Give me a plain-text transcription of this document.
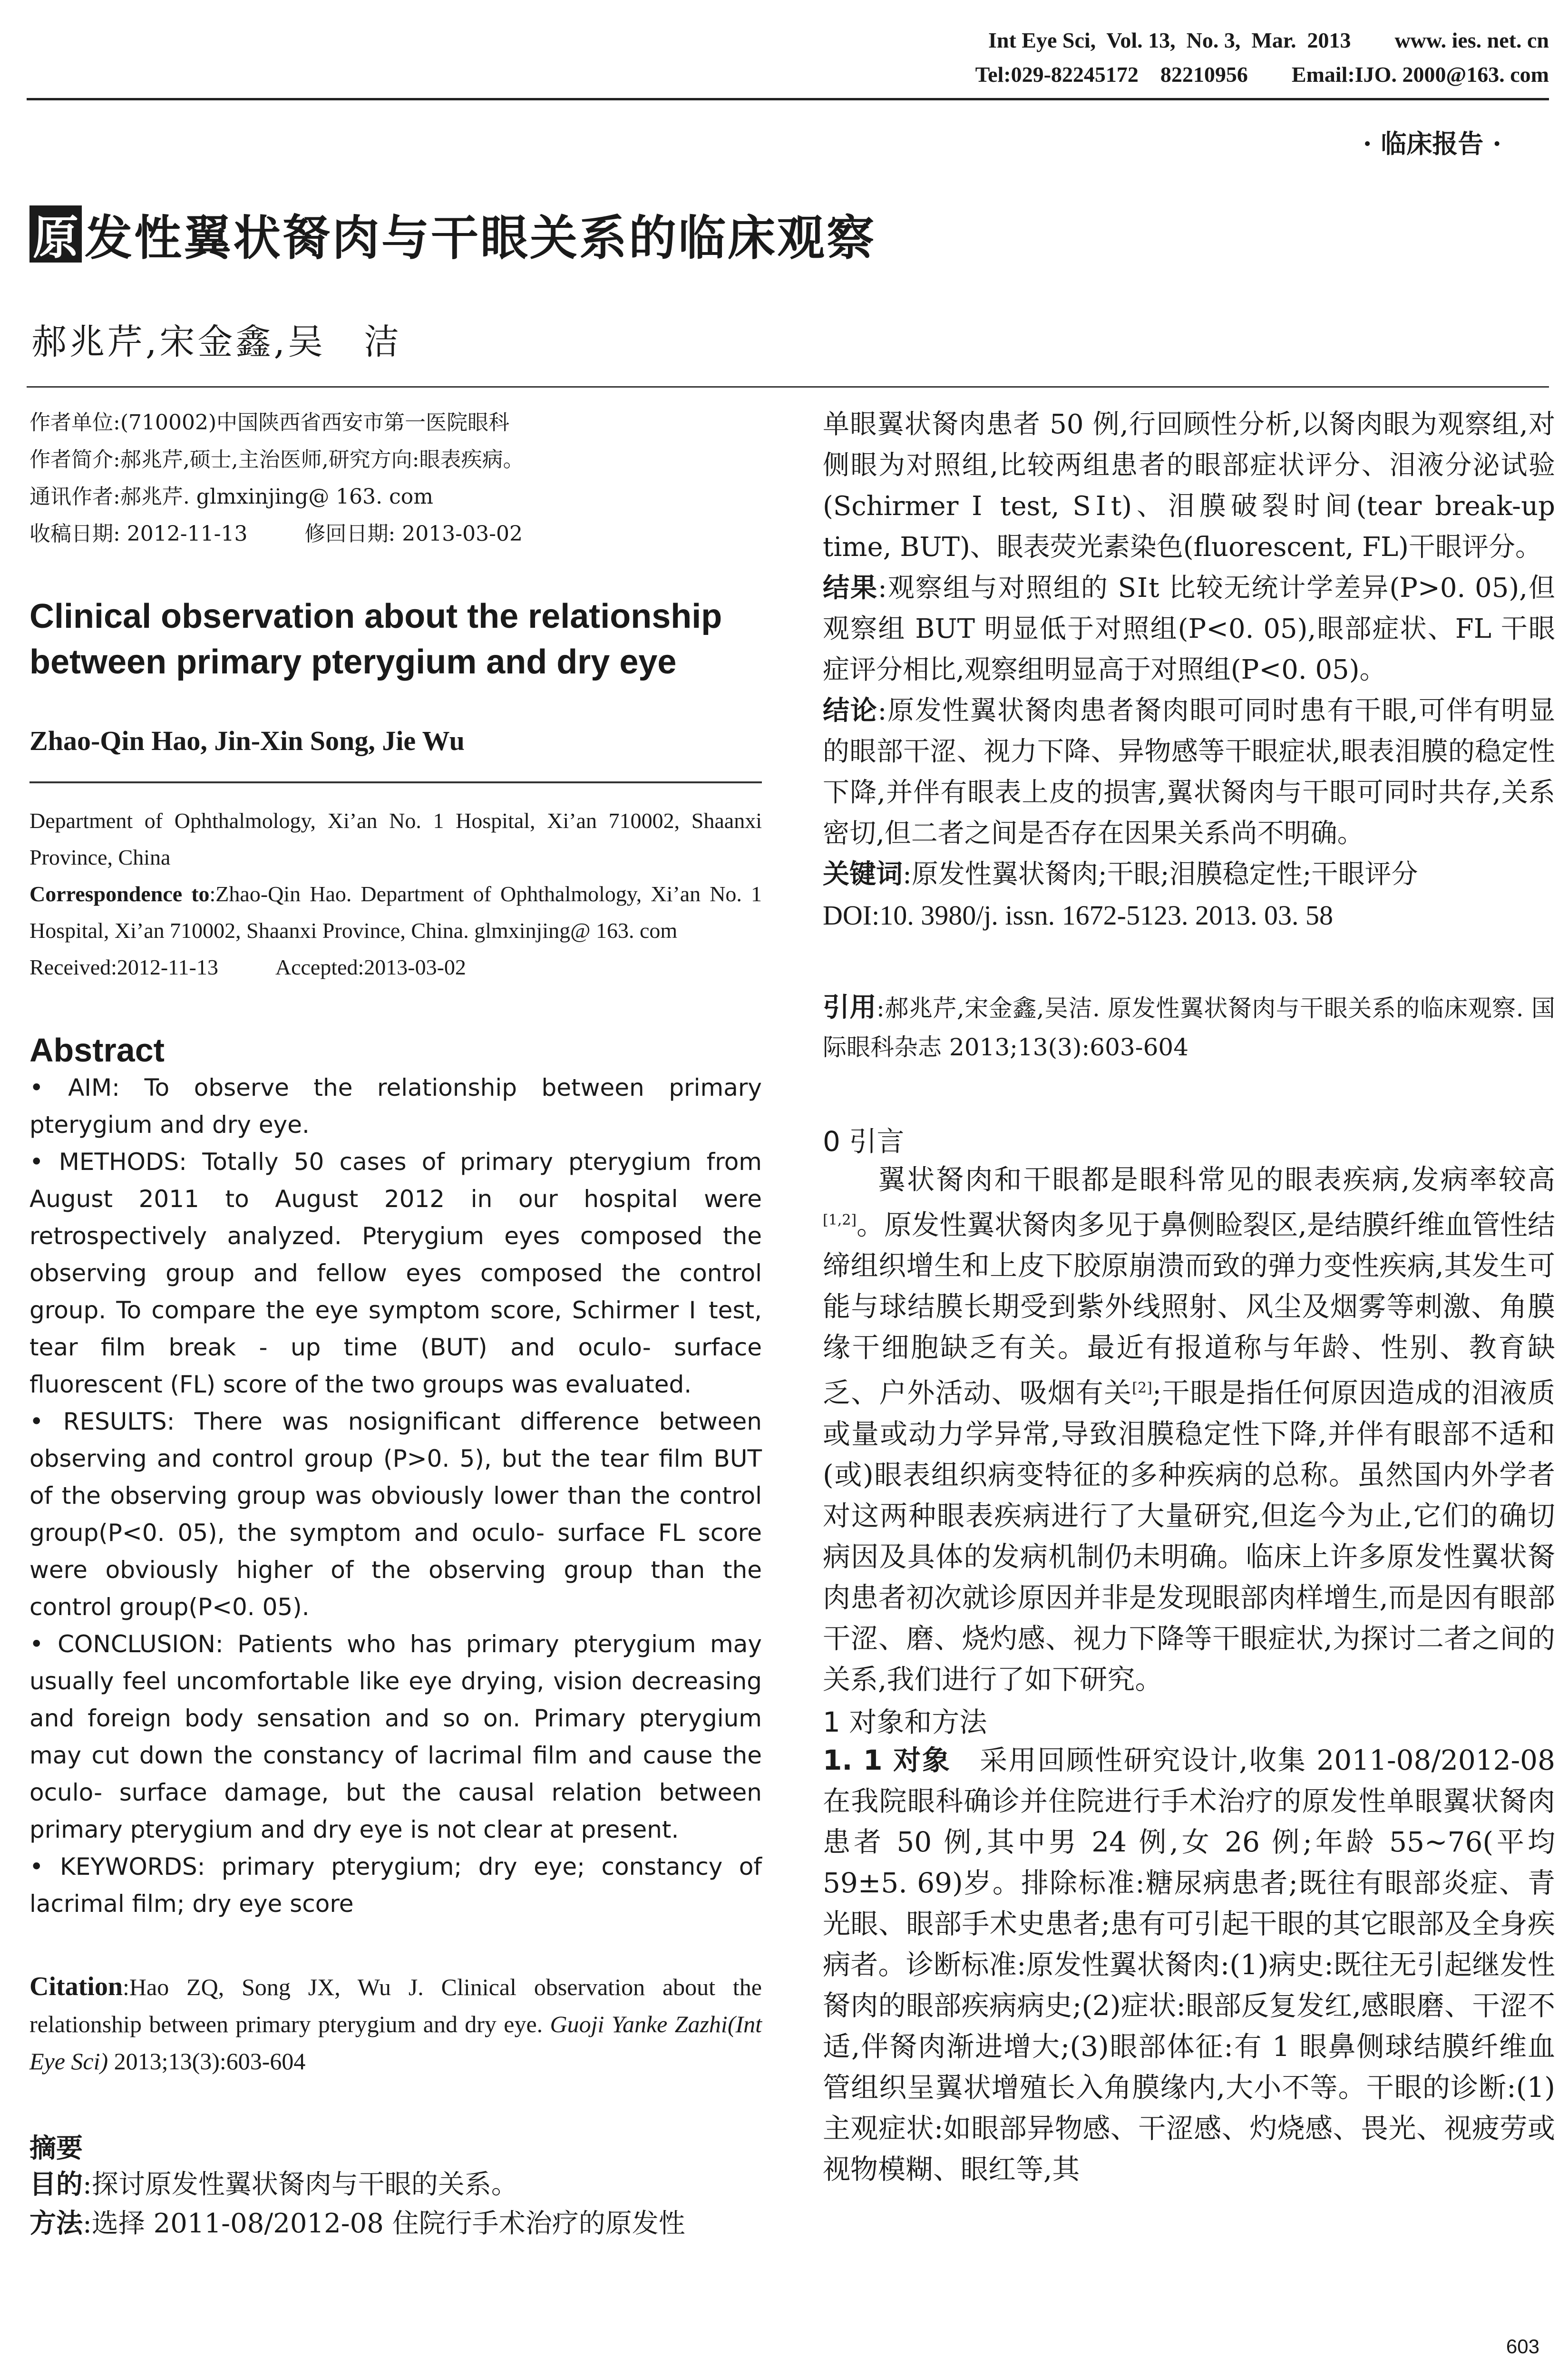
Int Eye Sci,  Vol. 13,  No. 3,  Mar.  2013        www. ies. net. cn
Tel:029-82245172    82210956        Email:IJO. 2000@163. com
· 临床报告 ·
原 发性翼状胬肉与干眼关系的临床观察
郝兆芹,宋金鑫,吴　洁
作者单位:(710002)中国陕西省西安市第一医院眼科
作者简介:郝兆芹,硕士,主治医师,研究方向:眼表疾病。
通讯作者:郝兆芹. glmxinjing@ 163. com
收稿日期: 2012-11-13	修回日期: 2013-03-02
Clinical observation about the relationship between primary pterygium and dry eye
Zhao-Qin Hao, Jin-Xin Song, Jie Wu
Department of Ophthalmology, Xi’an No. 1 Hospital, Xi’an 710002, Shaanxi Province, China
Correspondence to:Zhao-Qin Hao. Department of Ophthalmology, Xi’an No. 1 Hospital, Xi’an 710002, Shaanxi Province, China. glmxinjing@ 163. com
Received:2012-11-13	Accepted:2013-03-02
Abstract

• AIM: To observe the relationship between primary pterygium and dry eye.

• METHODS: Totally 50 cases of primary pterygium from August 2011 to August 2012 in our hospital were retrospectively analyzed. Pterygium eyes composed the observing group and fellow eyes composed the control group. To compare the eye symptom score, Schirmer Ⅰ test, tear film break - up time (BUT) and oculo- surface fluorescent (FL) score of the two groups was evaluated.

• RESULTS: There was nosignificant difference between observing and control group (P>0. 5), but the tear film BUT of the observing group was obviously lower than the control group(P<0. 05), the symptom and oculo- surface FL score were obviously higher of the observing group than the control group(P<0. 05).

• CONCLUSION: Patients who has primary pterygium may usually feel uncomfortable like eye drying, vision decreasing and foreign body sensation and so on. Primary pterygium may cut down the constancy of lacrimal film and cause the oculo- surface damage, but the causal relation between primary pterygium and dry eye is not clear at present.

• KEYWORDS: primary pterygium; dry eye; constancy of lacrimal film; dry eye score

Citation:Hao ZQ, Song JX, Wu J. Clinical observation about the relationship between primary pterygium and dry eye. Guoji Yanke Zazhi(Int Eye Sci) 2013;13(3):603-604
摘要

目的:探讨原发性翼状胬肉与干眼的关系。

方法:选择 2011-08/2012-08 住院行手术治疗的原发性

单眼翼状胬肉患者 50 例,行回顾性分析,以胬肉眼为观察组,对侧眼为对照组,比较两组患者的眼部症状评分、泪液分泌试验(Schirmer Ⅰ test, SⅠt)、泪膜破裂时间(tear break-up time, BUT)、眼表荧光素染色(fluorescent, FL)干眼评分。

结果:观察组与对照组的 SⅠt 比较无统计学差异(P>0. 05),但观察组 BUT 明显低于对照组(P<0. 05),眼部症状、FL 干眼症评分相比,观察组明显高于对照组(P<0. 05)。

结论:原发性翼状胬肉患者胬肉眼可同时患有干眼,可伴有明显的眼部干涩、视力下降、异物感等干眼症状,眼表泪膜的稳定性下降,并伴有眼表上皮的损害,翼状胬肉与干眼可同时共存,关系密切,但二者之间是否存在因果关系尚不明确。

关键词:原发性翼状胬肉;干眼;泪膜稳定性;干眼评分

DOI:10. 3980/j. issn. 1672-5123. 2013. 03. 58
引用:郝兆芹,宋金鑫,吴洁. 原发性翼状胬肉与干眼关系的临床观察. 国际眼科杂志 2013;13(3):603-604

0 引言

翼状胬肉和干眼都是眼科常见的眼表疾病,发病率较高[1,2]。原发性翼状胬肉多见于鼻侧睑裂区,是结膜纤维血管性结缔组织增生和上皮下胶原崩溃而致的弹力变性疾病,其发生可能与球结膜长期受到紫外线照射、风尘及烟雾等刺激、角膜缘干细胞缺乏有关。最近有报道称与年龄、性别、教育缺乏、户外活动、吸烟有关[2];干眼是指任何原因造成的泪液质或量或动力学异常,导致泪膜稳定性下降,并伴有眼部不适和(或)眼表组织病变特征的多种疾病的总称。虽然国内外学者对这两种眼表疾病进行了大量研究,但迄今为止,它们的确切病因及具体的发病机制仍未明确。临床上许多原发性翼状胬肉患者初次就诊原因并非是发现眼部肉样增生,而是因有眼部干涩、磨、烧灼感、视力下降等干眼症状,为探讨二者之间的关系,我们进行了如下研究。

1 对象和方法

1. 1 对象　采用回顾性研究设计,收集 2011-08/2012-08 在我院眼科确诊并住院进行手术治疗的原发性单眼翼状胬肉患者 50 例,其中男 24 例,女 26 例;年龄 55~76(平均 59±5. 69)岁。排除标准:糖尿病患者;既往有眼部炎症、青光眼、眼部手术史患者;患有可引起干眼的其它眼部及全身疾病者。诊断标准:原发性翼状胬肉:(1)病史:既往无引起继发性胬肉的眼部疾病病史;(2)症状:眼部反复发红,感眼磨、干涩不适,伴胬肉渐进增大;(3)眼部体征:有 1 眼鼻侧球结膜纤维血管组织呈翼状增殖长入角膜缘内,大小不等。干眼的诊断:(1)主观症状:如眼部异物感、干涩感、灼烧感、畏光、视疲劳或视物模糊、眼红等,其

603
